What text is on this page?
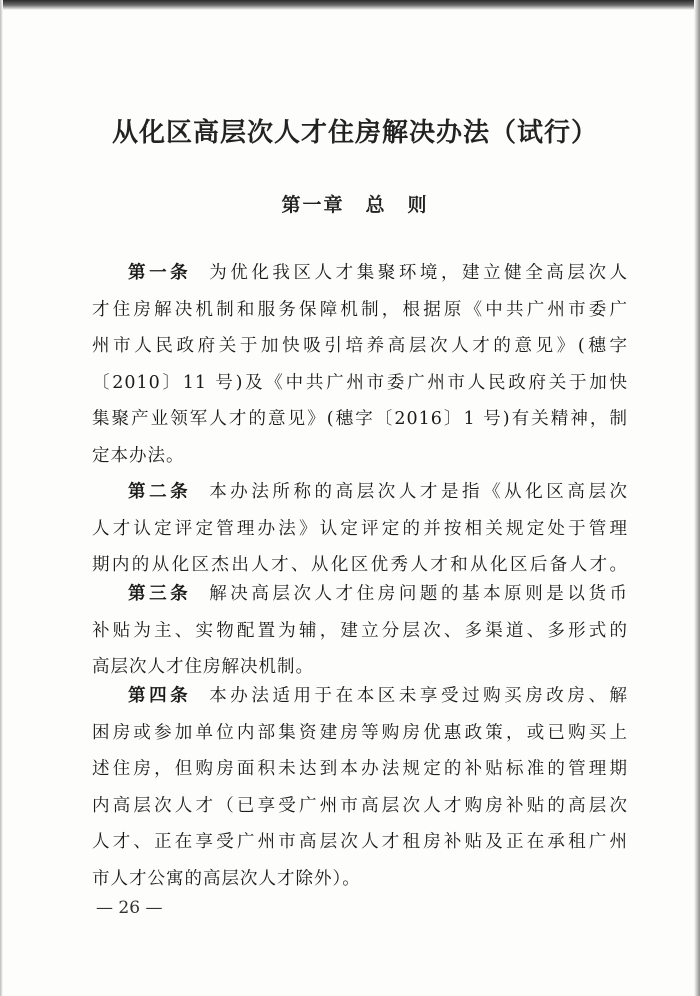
从化区高层次人才住房解决办法（试行）
第一章　总　则
第一条 为优化我区人才集聚环境，建立健全高层次人
才住房解决机制和服务保障机制，根据原《中共广州市委广
州市人民政府关于加快吸引培养高层次人才的意见》(穗字
〔2010〕11 号)及《中共广州市委广州市人民政府关于加快
集聚产业领军人才的意见》(穗字〔2016〕1 号)有关精神，制
定本办法。
第二条 本办法所称的高层次人才是指《从化区高层次
人才认定评定管理办法》认定评定的并按相关规定处于管理
期内的从化区杰出人才、从化区优秀人才和从化区后备人才。
第三条 解决高层次人才住房问题的基本原则是以货币
补贴为主、实物配置为辅，建立分层次、多渠道、多形式的
高层次人才住房解决机制。
第四条 本办法适用于在本区未享受过购买房改房、解
困房或参加单位内部集资建房等购房优惠政策，或已购买上
述住房，但购房面积未达到本办法规定的补贴标准的管理期
内高层次人才（已享受广州市高层次人才购房补贴的高层次
人才、正在享受广州市高层次人才租房补贴及正在承租广州
市人才公寓的高层次人才除外）。
— 26 —
